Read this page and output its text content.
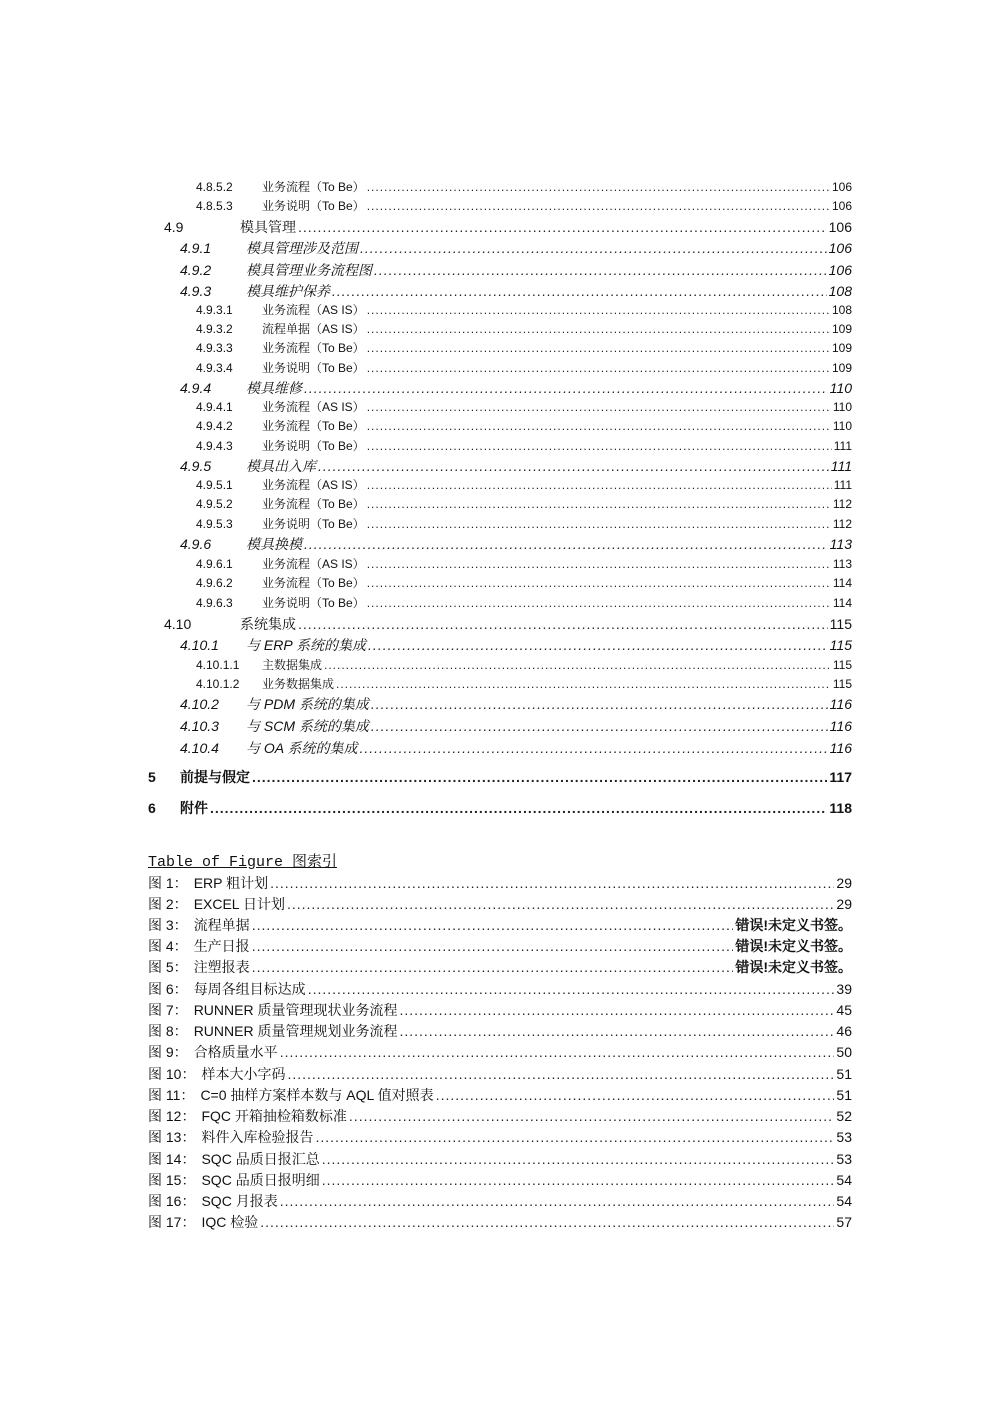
4.8.5.2	业务流程（To Be） .....	106
4.8.5.3	业务说明（To Be） .....	106
4.9	模具管理 .....	106
4.9.1	模具管理涉及范围 .....	106
4.9.2	模具管理业务流程图 .....	106
4.9.3	模具维护保养 .....	108
4.9.3.1	业务流程（AS IS） .....	108
4.9.3.2	流程单据（AS IS） .....	109
4.9.3.3	业务流程（To Be） .....	109
4.9.3.4	业务说明（To Be） .....	109
4.9.4	模具维修 .....	110
4.9.4.1	业务流程（AS IS） .....	110
4.9.4.2	业务流程（To Be） .....	110
4.9.4.3	业务说明（To Be） .....	111
4.9.5	模具出入库 .....	111
4.9.5.1	业务流程（AS IS） .....	111
4.9.5.2	业务流程（To Be） .....	112
4.9.5.3	业务说明（To Be） .....	112
4.9.6	模具换模 .....	113
4.9.6.1	业务流程（AS IS） .....	113
4.9.6.2	业务流程（To Be） .....	114
4.9.6.3	业务说明（To Be） .....	114
4.10	系统集成 .....	115
4.10.1	与 ERP 系统的集成 .....	115
4.10.1.1	主数据集成 .....	115
4.10.1.2	业务数据集成 .....	115
4.10.2	与 PDM 系统的集成 .....	116
4.10.3	与 SCM 系统的集成 .....	116
4.10.4	与 OA 系统的集成 .....	116
5	前提与假定 .....	117
6	附件 .....	118
Table of Figure 图索引
图 1： ERP 粗计划 .....	29
图 2： EXCEL 日计划 .....	29
图 3： 流程单据 .....	错误!未定义书签。
图 4： 生产日报 .....	错误!未定义书签。
图 5： 注塑报表 .....	错误!未定义书签。
图 6： 每周各组目标达成 .....	39
图 7： RUNNER 质量管理现状业务流程 .....	45
图 8： RUNNER 质量管理规划业务流程 .....	46
图 9： 合格质量水平 .....	50
图 10： 样本大小字码 .....	51
图 11： C=0 抽样方案样本数与 AQL 值对照表 .....	51
图 12： FQC 开箱抽检箱数标准 .....	52
图 13： 料件入库检验报告 .....	53
图 14： SQC 品质日报汇总 .....	53
图 15： SQC 品质日报明细 .....	54
图 16： SQC 月报表 .....	54
图 17： IQC 检验 .....	57
